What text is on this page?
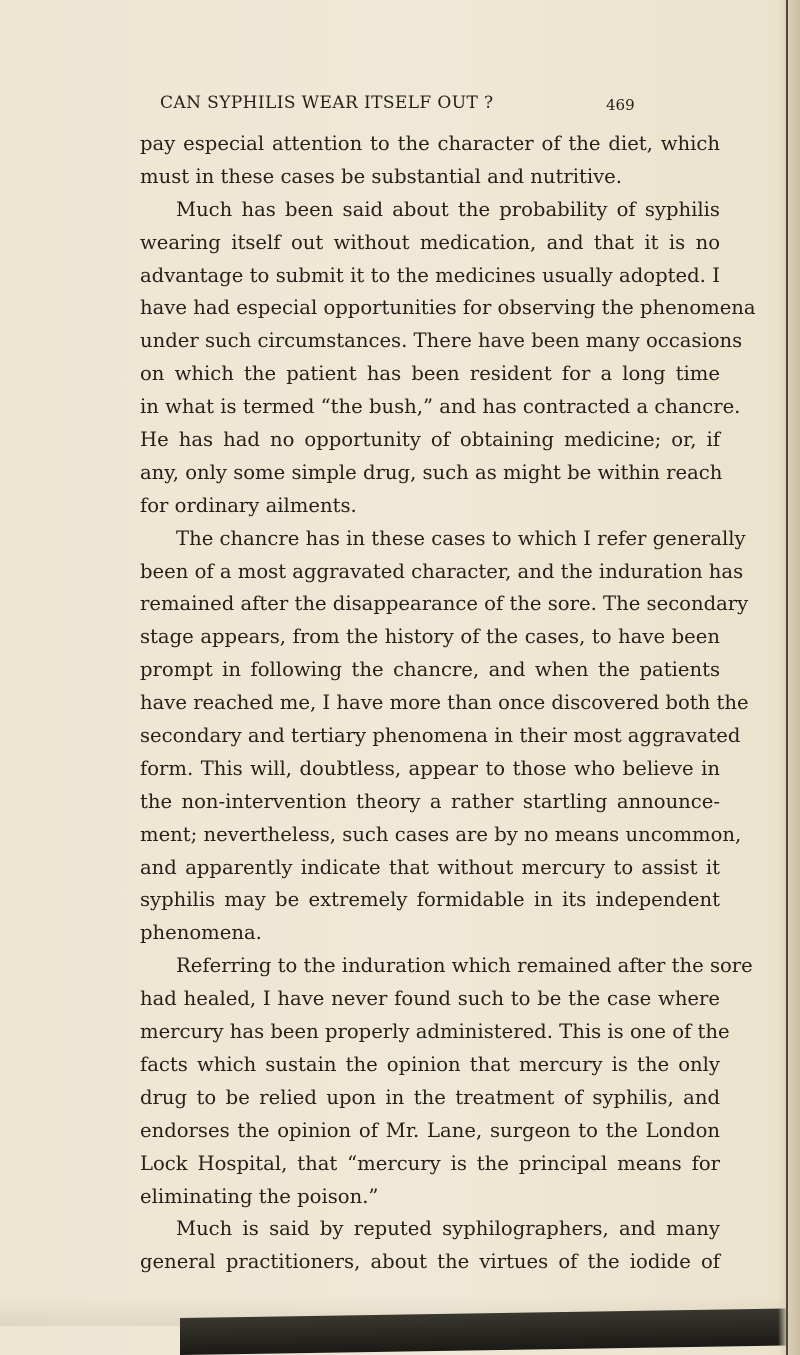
CAN SYPHILIS WEAR ITSELF OUT ?	469
pay especial attention to the character of the diet, which
must in these cases be substantial and nutritive.
Much has been said about the probability of syphilis
wearing itself out without medication, and that it is no
advantage to submit it to the medicines usually adopted. I
have had especial opportunities for observing the phenomena
under such circumstances. There have been many occasions
on which the patient has been resident for a long time
in what is termed “the bush,” and has contracted a chancre.
He has had no opportunity of obtaining medicine; or, if
any, only some simple drug, such as might be within reach
for ordinary ailments.
The chancre has in these cases to which I refer generally
been of a most aggravated character, and the induration has
remained after the disappearance of the sore. The secondary
stage appears, from the history of the cases, to have been
prompt in following the chancre, and when the patients
have reached me, I have more than once discovered both the
secondary and tertiary phenomena in their most aggravated
form. This will, doubtless, appear to those who believe in
the non-intervention theory a rather startling announce-
ment; nevertheless, such cases are by no means uncommon,
and apparently indicate that without mercury to assist it
syphilis may be extremely formidable in its independent
phenomena.
Referring to the induration which remained after the sore
had healed, I have never found such to be the case where
mercury has been properly administered. This is one of the
facts which sustain the opinion that mercury is the only
drug to be relied upon in the treatment of syphilis, and
endorses the opinion of Mr. Lane, surgeon to the London
Lock Hospital, that “mercury is the principal means for
eliminating the poison.”
Much is said by reputed syphilographers, and many
general practitioners, about the virtues of the iodide of
